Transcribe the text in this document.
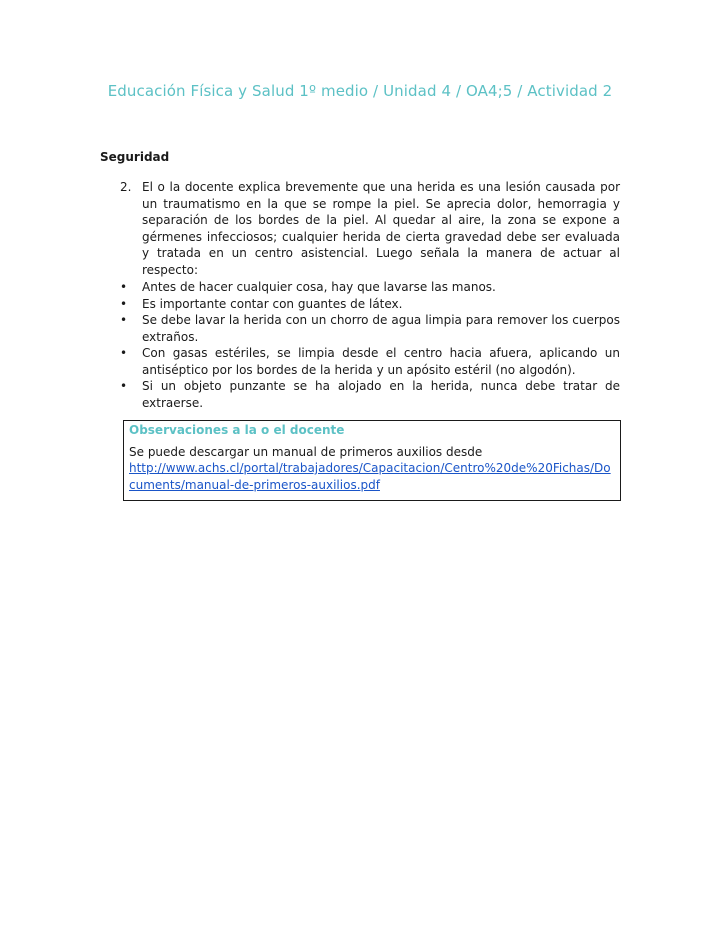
Educación Física y Salud 1º medio / Unidad 4 / OA4;5 / Actividad 2
Seguridad
2. El o la docente explica brevemente que una herida es una lesión causada por un traumatismo en la que se rompe la piel. Se aprecia dolor, hemorragia y separación de los bordes de la piel. Al quedar al aire, la zona se expone a gérmenes infecciosos; cualquier herida de cierta gravedad debe ser evaluada y tratada en un centro asistencial. Luego señala la manera de actuar al respecto:
• Antes de hacer cualquier cosa, hay que lavarse las manos.
• Es importante contar con guantes de látex.
• Se debe lavar la herida con un chorro de agua limpia para remover los cuerpos extraños.
• Con gasas estériles, se limpia desde el centro hacia afuera, aplicando un antiséptico por los bordes de la herida y un apósito estéril (no algodón).
• Si un objeto punzante se ha alojado en la herida, nunca debe tratar de extraerse.
Observaciones a la o el docente
Se puede descargar un manual de primeros auxilios desde
http://www.achs.cl/portal/trabajadores/Capacitacion/Centro%20de%20Fichas/Documents/manual-de-primeros-auxilios.pdf
